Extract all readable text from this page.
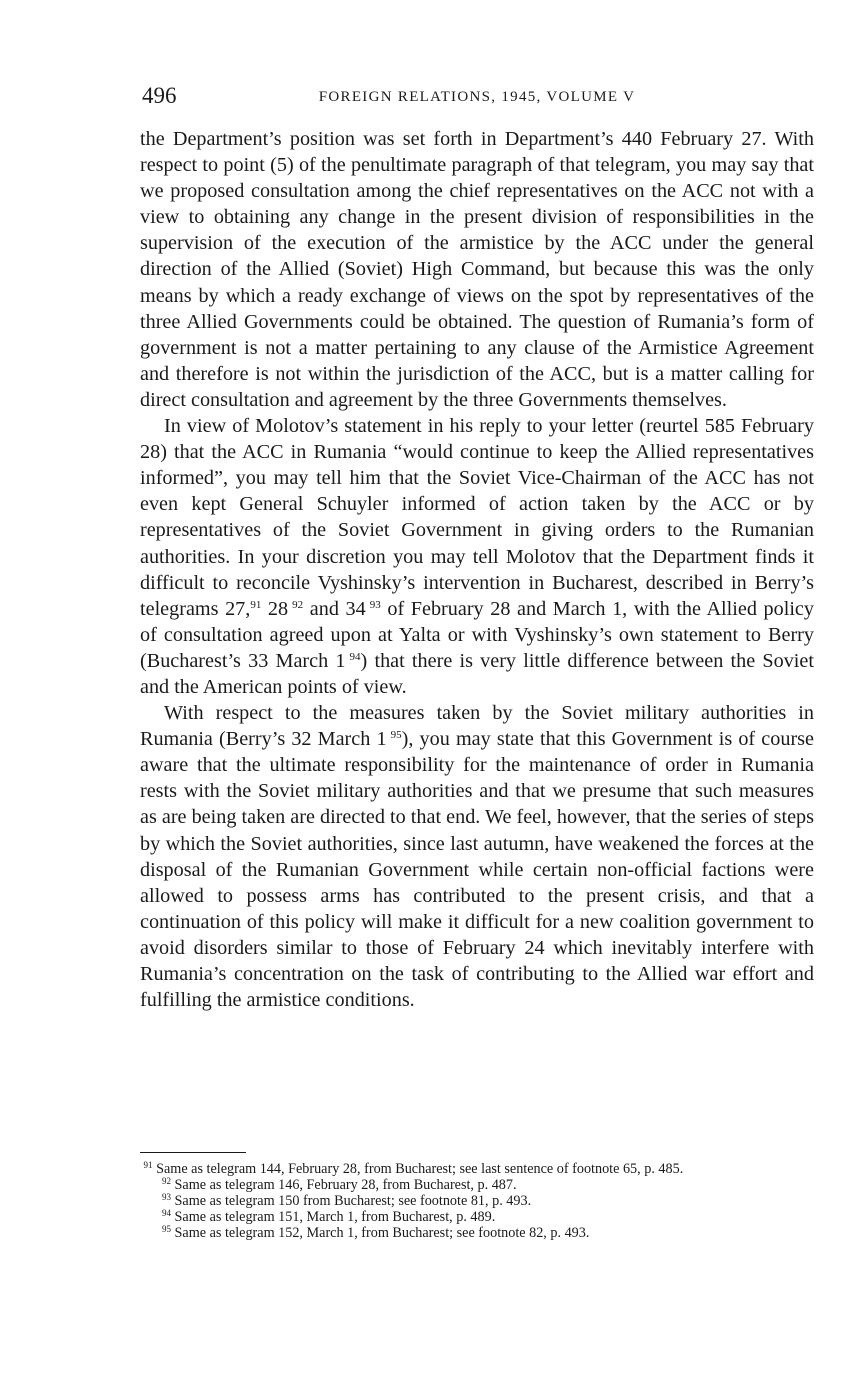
496	FOREIGN RELATIONS, 1945, VOLUME V

the Department’s position was set forth in Department’s 440 February 27. With respect to point (5) of the penultimate paragraph of that telegram, you may say that we proposed consultation among the chief representatives on the ACC not with a view to obtaining any change in the present division of responsibilities in the supervision of the execution of the armistice by the ACC under the general direction of the Allied (Soviet) High Command, but because this was the only means by which a ready exchange of views on the spot by representatives of the three Allied Governments could be obtained. The question of Rumania’s form of government is not a matter pertaining to any clause of the Armistice Agreement and therefore is not within the jurisdiction of the ACC, but is a matter calling for direct consultation and agreement by the three Governments themselves.

In view of Molotov’s statement in his reply to your letter (reurtel 585 February 28) that the ACC in Rumania “would continue to keep the Allied representatives informed”, you may tell him that the Soviet Vice-Chairman of the ACC has not even kept General Schuyler informed of action taken by the ACC or by representatives of the Soviet Government in giving orders to the Rumanian authorities. In your discretion you may tell Molotov that the Department finds it difficult to reconcile Vyshinsky’s intervention in Bucharest, described in Berry’s telegrams 27,91 28  $^{92}$ and 34  $^{93}$ of February 28 and March 1, with the Allied policy of consultation agreed upon at Yalta or with Vyshinsky’s own statement to Berry (Bucharest’s 33 March 1  $^{94}$) that there is very little difference between the Soviet and the American points of view.

With respect to the measures taken by the Soviet military authorities in Rumania (Berry’s 32 March 1  $^{95}$), you may state that this Government is of course aware that the ultimate responsibility for the maintenance of order in Rumania rests with the Soviet military authorities and that we presume that such measures as are being taken are directed to that end. We feel, however, that the series of steps by which the Soviet authorities, since last autumn, have weakened the forces at the disposal of the Rumanian Government while certain non-official factions were allowed to possess arms has contributed to the present crisis, and that a continuation of this policy will make it difficult for a new coalition government to avoid disorders similar to those of February 24 which inevitably interfere with Rumania’s concentration on the task of contributing to the Allied war effort and fulfilling the armistice conditions.

$^{91}$ Same as telegram 144, February 28, from Bucharest; see last sentence of footnote 65, p. 485.

$^{92}$ Same as telegram 146, February 28, from Bucharest, p. 487.

$^{93}$ Same as telegram 150 from Bucharest; see footnote 81, p. 493.

$^{94}$ Same as telegram 151, March 1, from Bucharest, p. 489.

$^{95}$ Same as telegram 152, March 1, from Bucharest; see footnote 82, p. 493.
